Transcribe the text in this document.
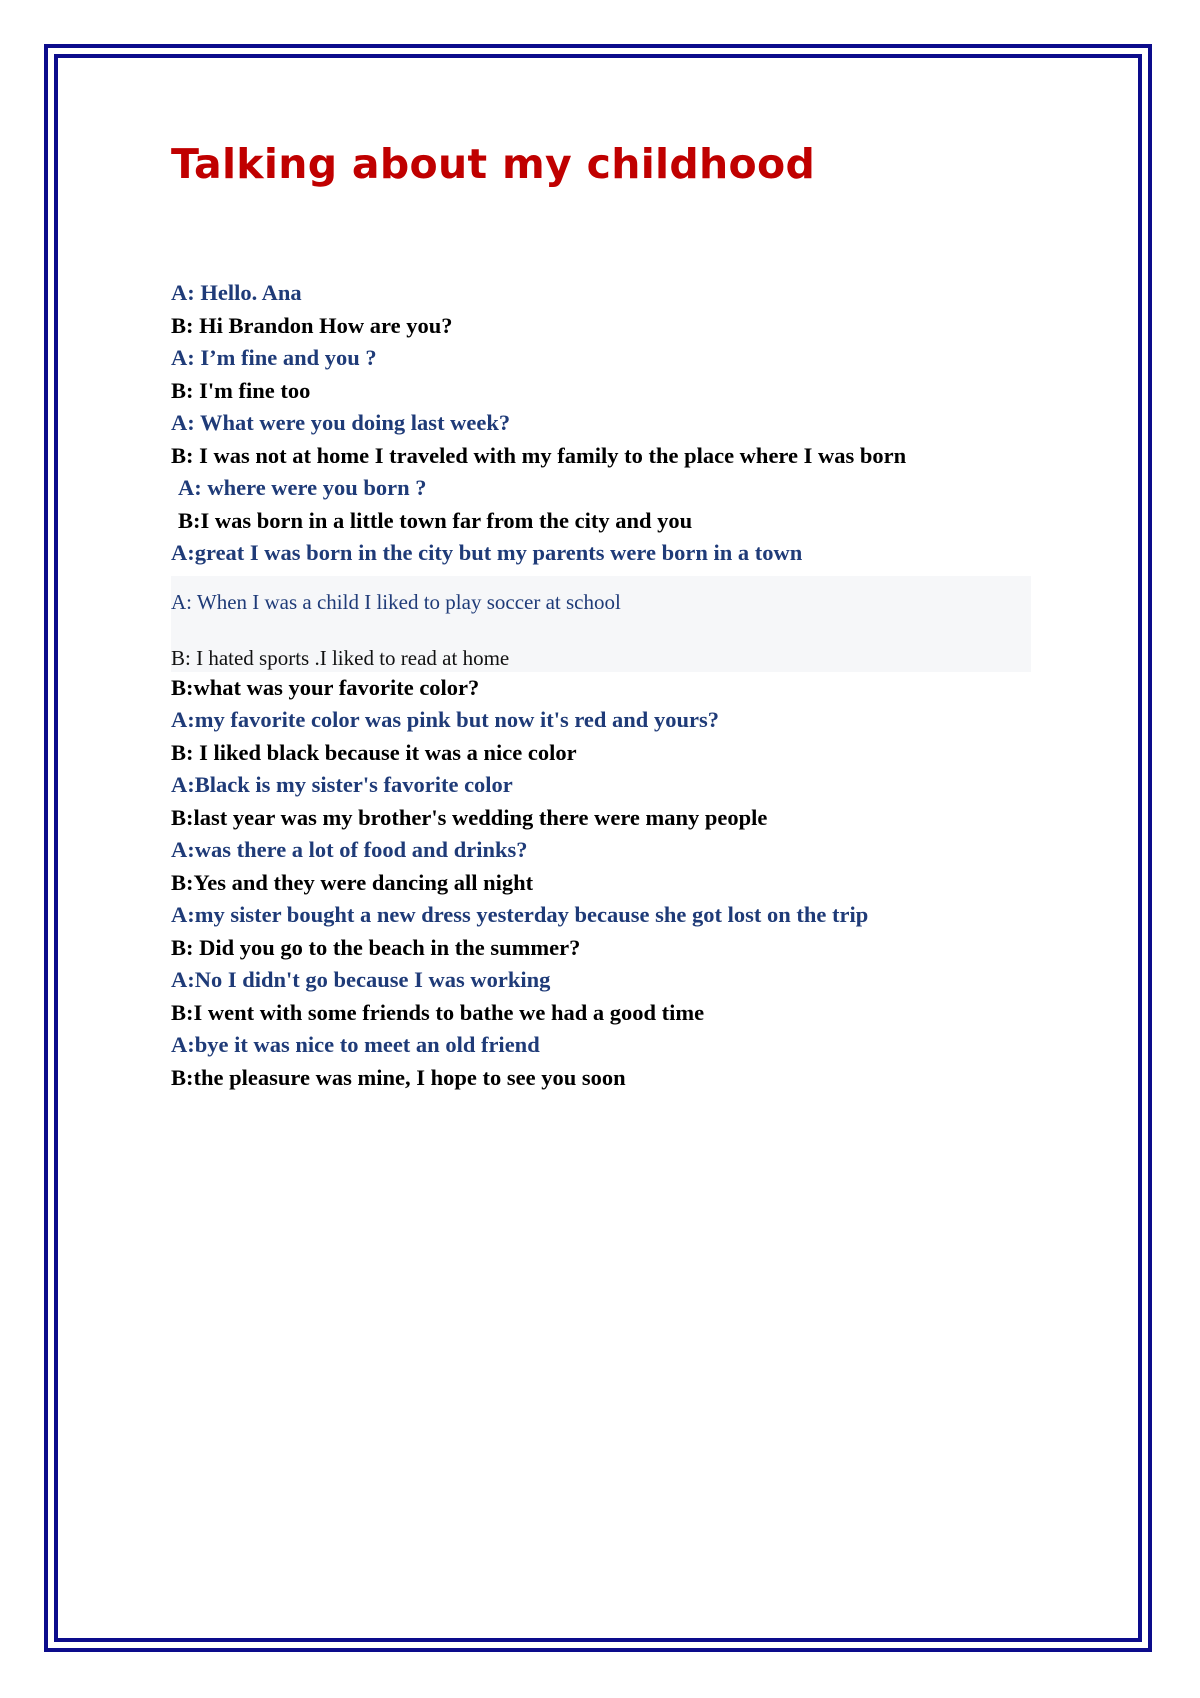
Talking about my childhood

A: Hello. Ana

B: Hi Brandon How are you?

A: I’m fine and you ?

B: I'm fine too

A: What were you doing last week?

B: I was not at home I traveled with my family to the place where I was born

A: where were you born ?

B:I was born in a little town far from the city and you

A:great I was born in the city but my parents were born in a town

A: When I was a child I liked to play soccer at school

B: I hated sports .I liked to read at home

B:what was your favorite color?

A:my favorite color was pink but now it's red and yours?

B: I liked black because it was a nice color

A:Black is my sister's favorite color

B:last year was my brother's wedding there were many people

A:was there a lot of food and drinks?

B:Yes and they were dancing all night

A:my sister bought a new dress yesterday because she got lost on the trip

B: Did you go to the beach in the summer?

A:No I didn't go because I was working

B:I went with some friends to bathe we had a good time

A:bye it was nice to meet an old friend

B:the pleasure was mine, I hope to see you soon
